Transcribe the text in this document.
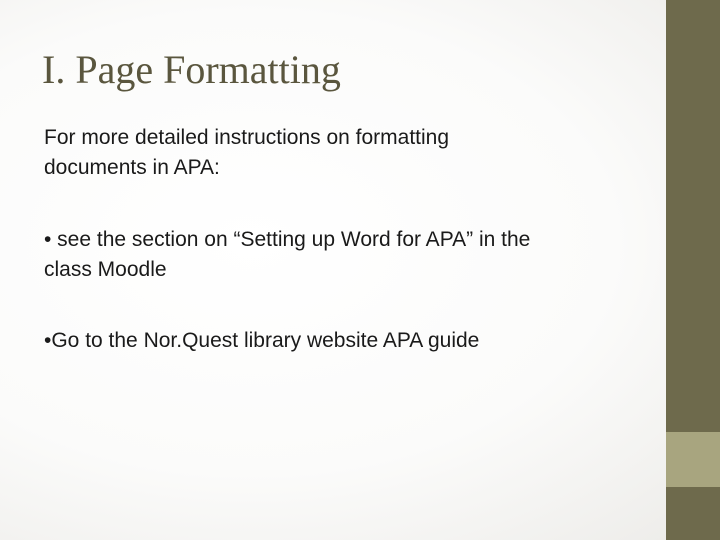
I. Page Formatting
For more detailed instructions on formatting
documents in APA:
• see the section on “Setting up Word for APA” in the
class Moodle
•Go to the Nor.Quest library website APA guide
